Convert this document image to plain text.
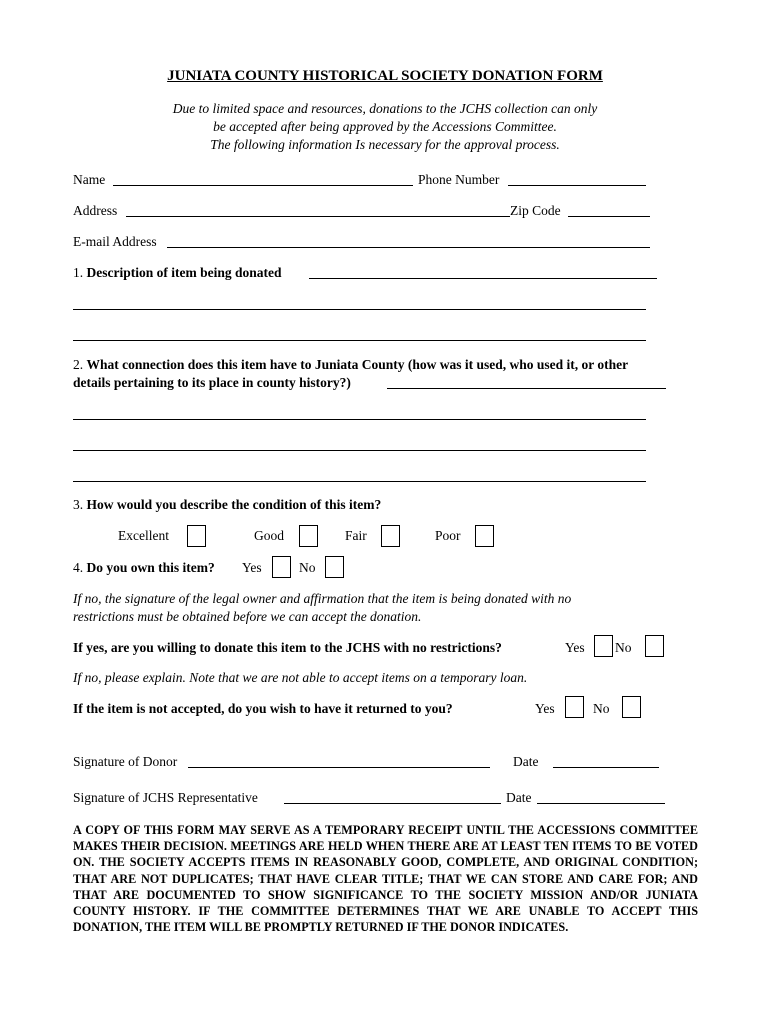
JUNIATA COUNTY HISTORICAL SOCIETY DONATION FORM
Due to limited space and resources, donations to the JCHS collection can only
be accepted after being approved by the Accessions Committee.
The following information Is necessary for the approval process.
Name	Phone Number
Address	Zip Code
E-mail Address
1. Description of item being donated
2. What connection does this item have to Juniata County (how was it used, who used it, or other
details pertaining to its place in county history?)
3. How would you describe the condition of this item?
Excellent	Good	Fair	Poor
4. Do you own this item? Yes	No
If no, the signature of the legal owner and affirmation that the item is being donated with no
restrictions must be obtained before we can accept the donation.
If yes, are you willing to donate this item to the JCHS with no restrictions?	Yes No
If no, please explain. Note that we are not able to accept items on a temporary loan.
If the item is not accepted, do you wish to have it returned to you?	Yes	No
Signature of Donor	Date
Signature of JCHS Representative	Date
A COPY OF THIS FORM MAY SERVE AS A TEMPORARY RECEIPT UNTIL THE ACCESSIONS COMMITTEE MAKES THEIR DECISION. MEETINGS ARE HELD WHEN THERE ARE AT LEAST TEN ITEMS TO BE VOTED ON. THE SOCIETY ACCEPTS ITEMS IN REASONABLY GOOD, COMPLETE, AND ORIGINAL CONDITION; THAT ARE NOT DUPLICATES; THAT HAVE CLEAR TITLE; THAT WE CAN STORE AND CARE FOR; AND THAT ARE DOCUMENTED TO SHOW SIGNIFICANCE TO THE SOCIETY MISSION AND/OR JUNIATA COUNTY HISTORY. IF THE COMMITTEE DETERMINES THAT WE ARE UNABLE TO ACCEPT THIS DONATION, THE ITEM WILL BE PROMPTLY RETURNED IF THE DONOR INDICATES.
